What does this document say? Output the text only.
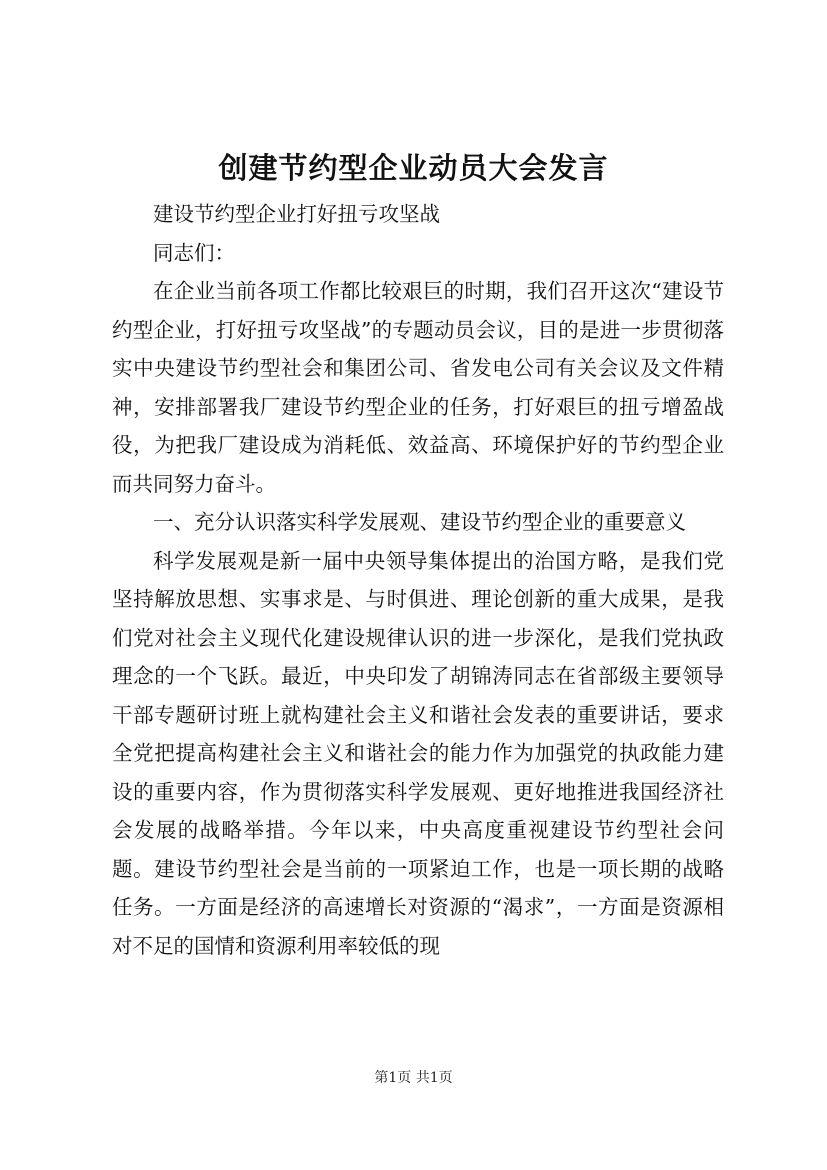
创建节约型企业动员大会发言

建设节约型企业打好扭亏攻坚战

同志们：

在企业当前各项工作都比较艰巨的时期，我们召开这次“建设节约型企业，打好扭亏攻坚战”的专题动员会议，目的是进一步贯彻落实中央建设节约型社会和集团公司、省发电公司有关会议及文件精神，安排部署我厂建设节约型企业的任务，打好艰巨的扭亏增盈战役，为把我厂建设成为消耗低、效益高、环境保护好的节约型企业而共同努力奋斗。

一、充分认识落实科学发展观、建设节约型企业的重要意义

科学发展观是新一届中央领导集体提出的治国方略，是我们党坚持解放思想、实事求是、与时俱进、理论创新的重大成果，是我们党对社会主义现代化建设规律认识的进一步深化，是我们党执政理念的一个飞跃。最近，中央印发了胡锦涛同志在省部级主要领导干部专题研讨班上就构建社会主义和谐社会发表的重要讲话，要求全党把提高构建社会主义和谐社会的能力作为加强党的执政能力建设的重要内容，作为贯彻落实科学发展观、更好地推进我国经济社会发展的战略举措。今年以来，中央高度重视建设节约型社会问题。建设节约型社会是当前的一项紧迫工作，也是一项长期的战略任务。一方面是经济的高速增长对资源的“渴求”，一方面是资源相对不足的国情和资源利用率较低的现

第1页 共1页
